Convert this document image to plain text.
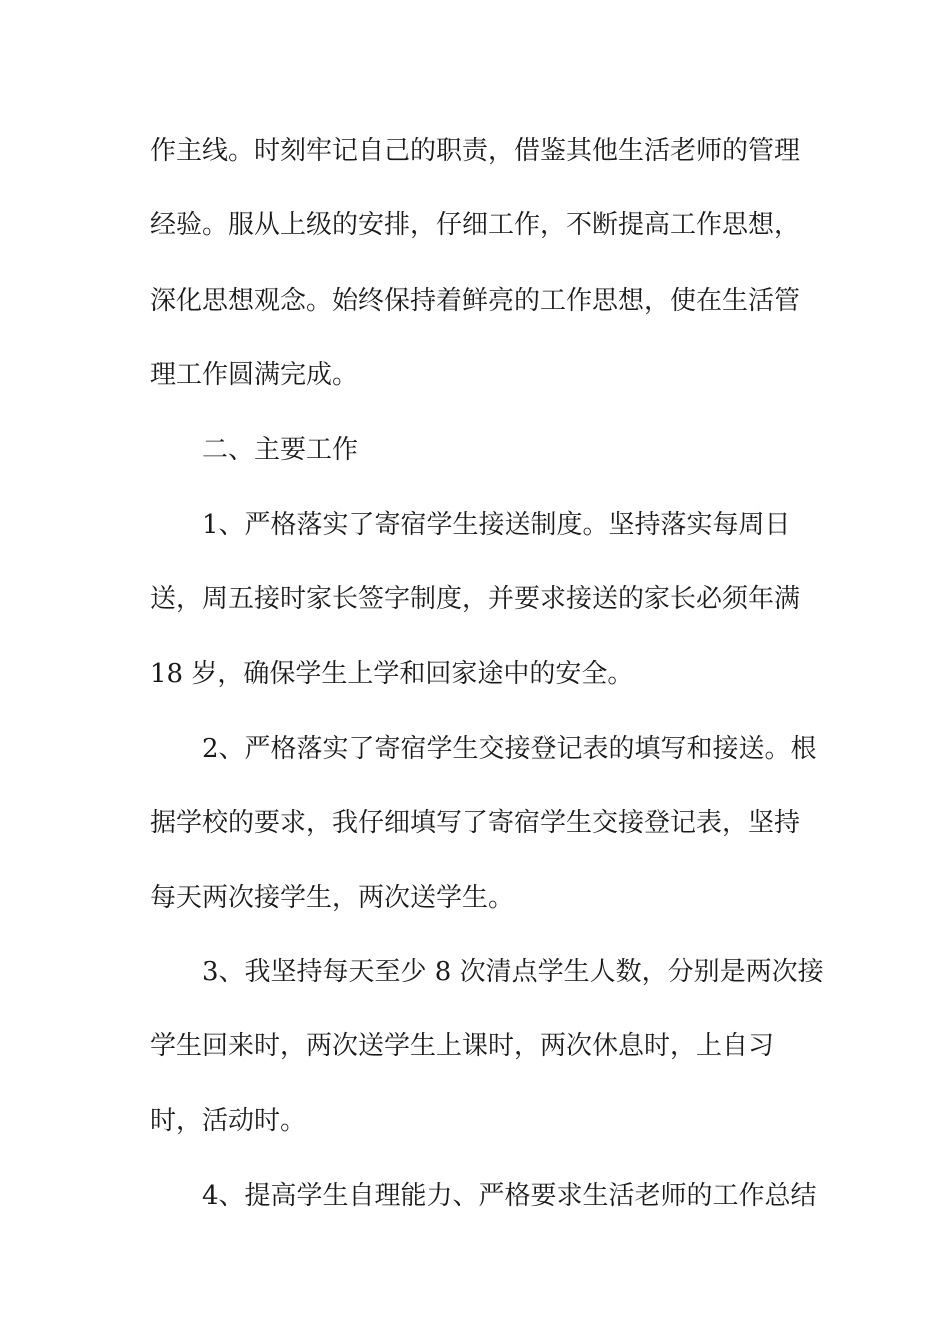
作主线。时刻牢记自己的职责，借鉴其他生活老师的管理
经验。服从上级的安排，仔细工作，不断提高工作思想，
深化思想观念。始终保持着鲜亮的工作思想，使在生活管
理工作圆满完成。
二、主要工作
1、严格落实了寄宿学生接送制度。坚持落实每周日
送，周五接时家长签字制度，并要求接送的家长必须年满
18 岁，确保学生上学和回家途中的安全。
2、严格落实了寄宿学生交接登记表的填写和接送。根
据学校的要求，我仔细填写了寄宿学生交接登记表，坚持
每天两次接学生，两次送学生。
3、我坚持每天至少 8 次清点学生人数，分别是两次接
学生回来时，两次送学生上课时，两次休息时，上自习
时，活动时。
4、提高学生自理能力、严格要求生活老师的工作总结
